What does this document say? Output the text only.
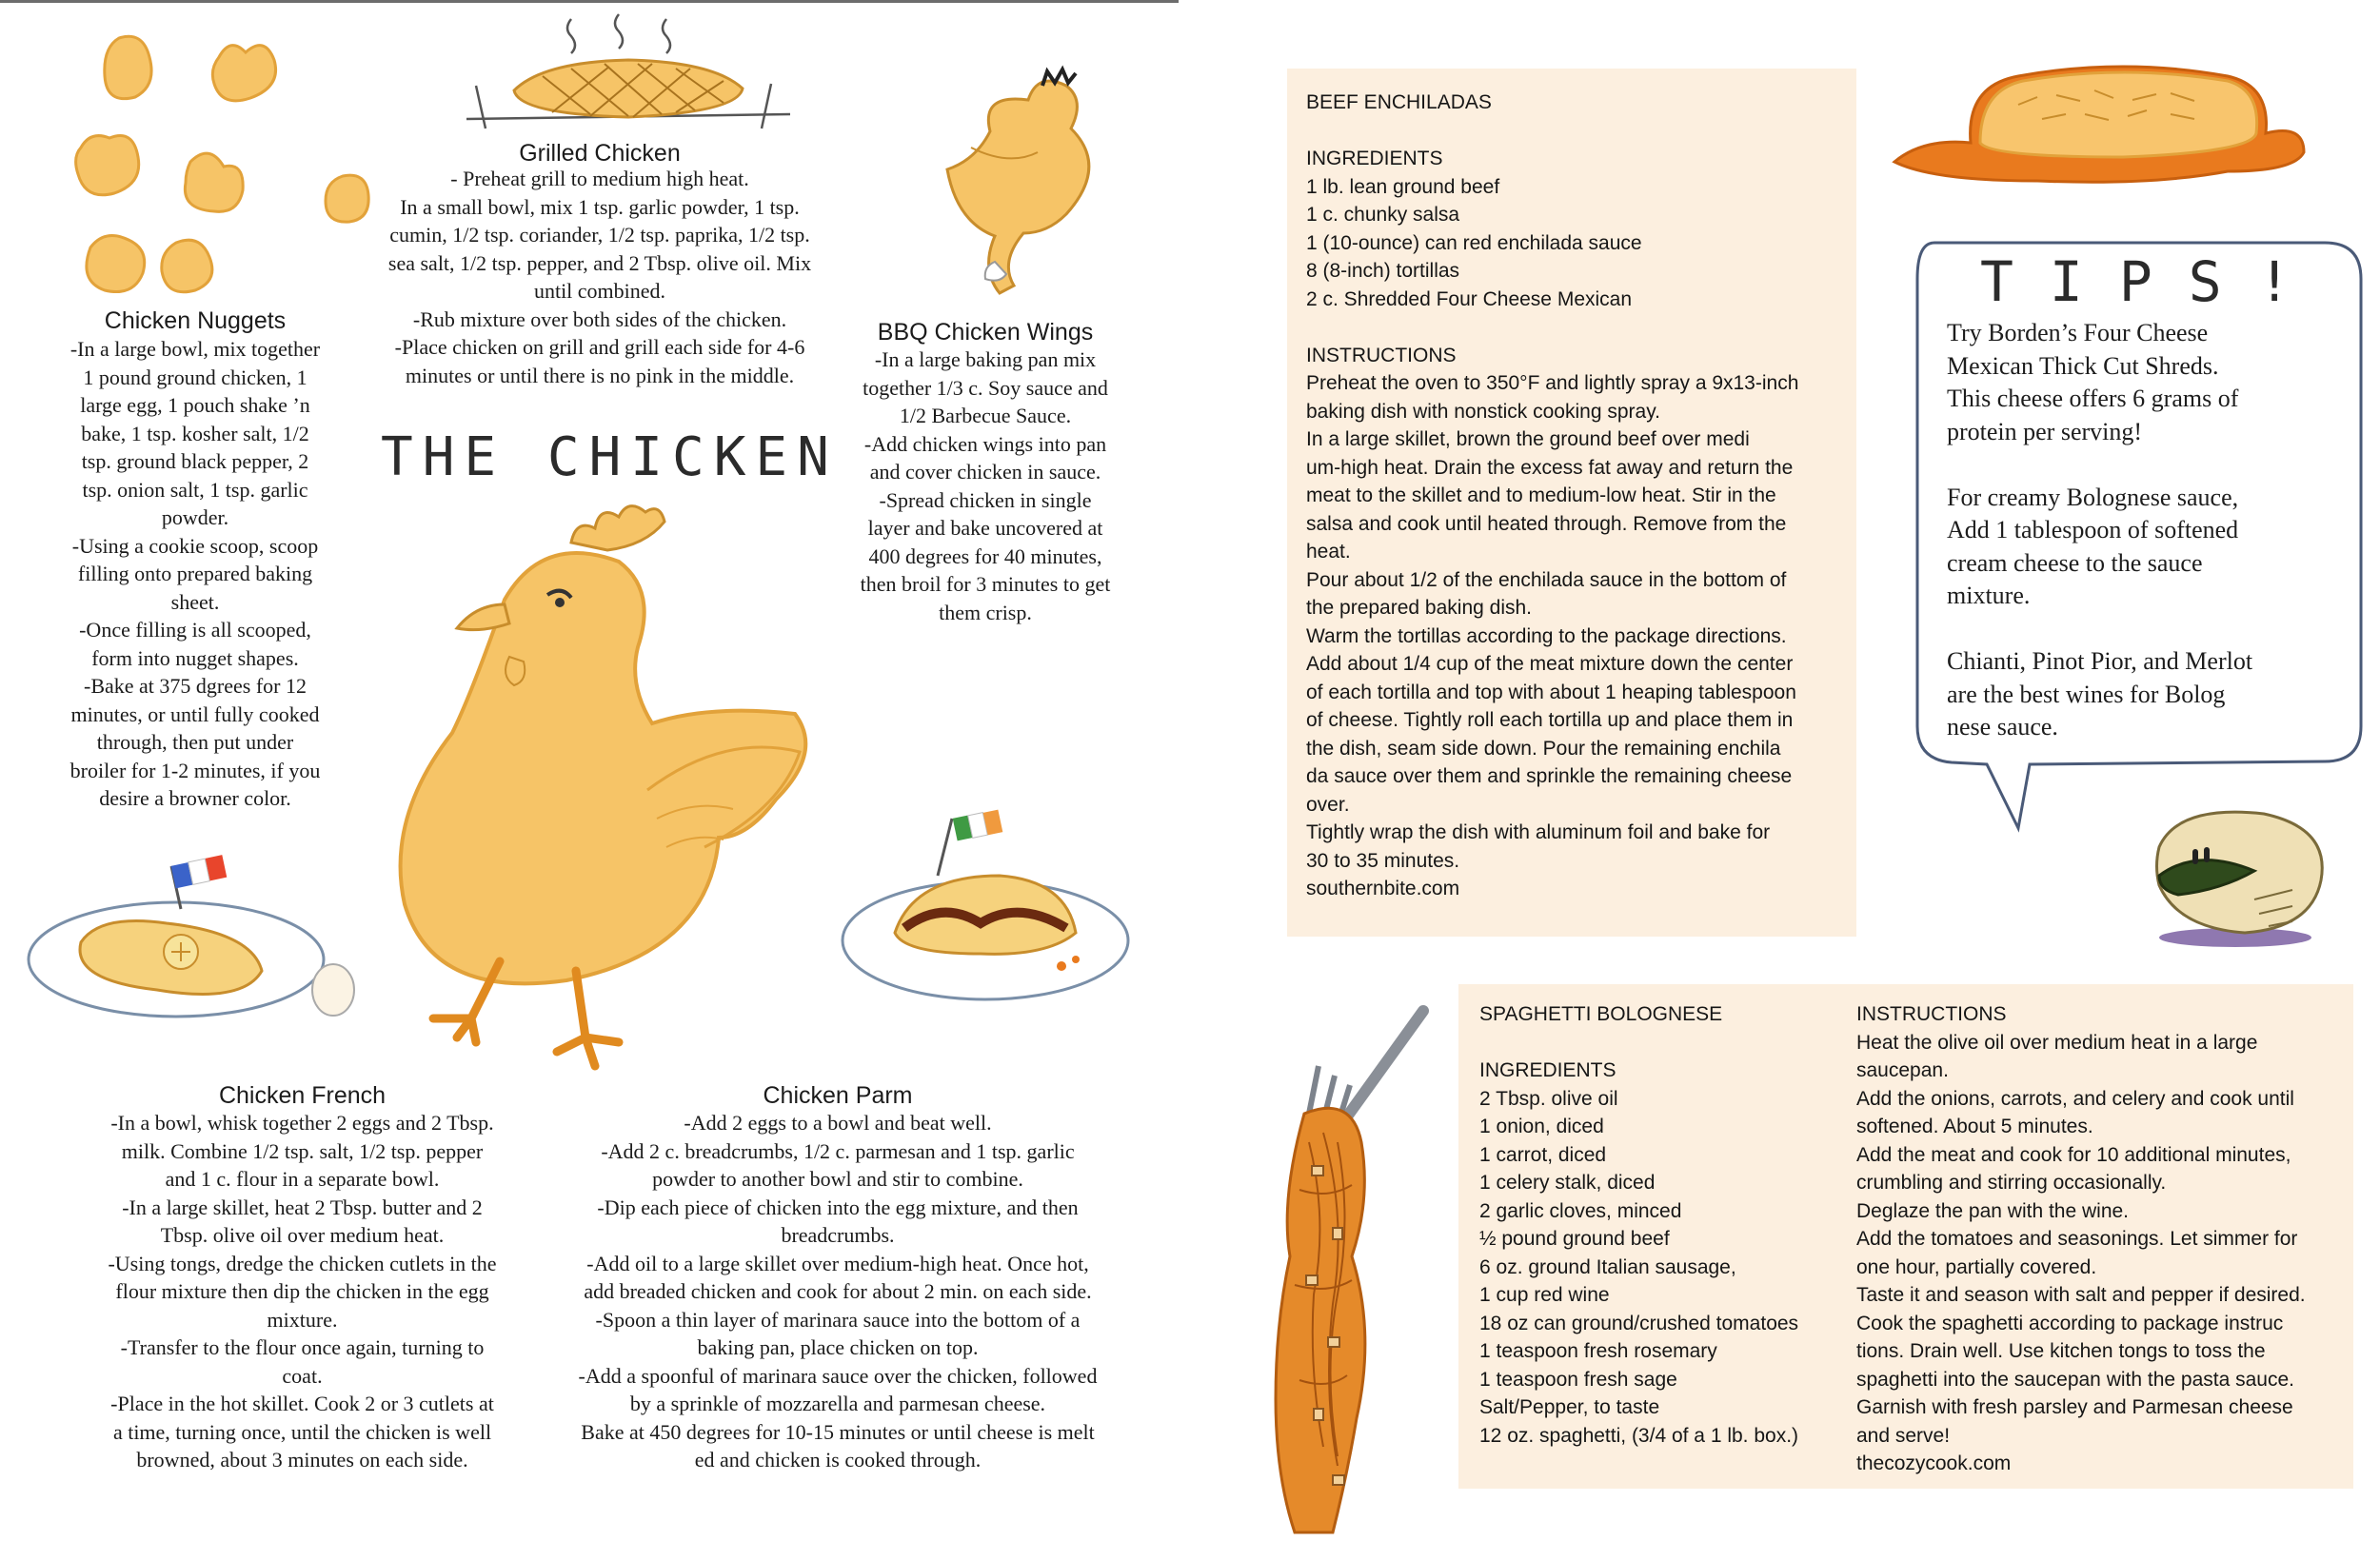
THE CHICKEN
Chicken Nuggets
-In a large bowl, mix together
1 pound ground chicken, 1
large egg, 1 pouch shake ’n
bake, 1 tsp. kosher salt, 1/2
tsp. ground black pepper, 2
tsp. onion salt, 1 tsp. garlic
powder.
-Using a cookie scoop, scoop
filling onto prepared baking
sheet.
-Once filling is all scooped,
form into nugget shapes.
-Bake at 375 dgrees for 12
minutes, or until fully cooked
through, then put under
broiler for 1-2 minutes, if you
desire a browner color.
Grilled Chicken
- Preheat grill to medium high heat.
In a small bowl, mix 1 tsp. garlic powder, 1 tsp.
cumin, 1/2 tsp. coriander, 1/2 tsp. paprika, 1/2 tsp.
sea salt, 1/2 tsp. pepper, and 2 Tbsp. olive oil. Mix
until combined.
-Rub mixture over both sides of the chicken.
-Place chicken on grill and grill each side for 4-6
minutes or until there is no pink in the middle.
BBQ Chicken Wings
-In a large baking pan mix
together 1/3 c. Soy sauce and
1/2 Barbecue Sauce.
-Add chicken wings into pan
and cover chicken in sauce.
-Spread chicken in single
layer and bake uncovered at
400 degrees for 40 minutes,
then broil for 3 minutes to get
them crisp.
Chicken French
-In a bowl, whisk together 2 eggs and 2 Tbsp.
milk. Combine 1/2 tsp. salt, 1/2 tsp. pepper
and 1 c. flour in a separate bowl.
-In a large skillet, heat 2 Tbsp. butter and 2
Tbsp. olive oil over medium heat.
-Using tongs, dredge the chicken cutlets in the
flour mixture then dip the chicken in the egg
mixture.
-Transfer to the flour once again, turning to
coat.
-Place in the hot skillet. Cook 2 or 3 cutlets at
a time, turning once, until the chicken is well
browned, about 3 minutes on each side.
Chicken Parm
-Add 2 eggs to a bowl and beat well.
-Add 2 c. breadcrumbs, 1/2 c. parmesan and 1 tsp. garlic
powder to another bowl and stir to combine.
-Dip each piece of chicken into the egg mixture, and then
breadcrumbs.
-Add oil to a large skillet over medium-high heat. Once hot,
add breaded chicken and cook for about 2 min. on each side.
-Spoon a thin layer of marinara sauce into the bottom of a
baking pan, place chicken on top.
-Add a spoonful of marinara sauce over the chicken, followed
by a sprinkle of mozzarella and parmesan cheese.
Bake at 450 degrees for 10-15 minutes or until cheese is melt
ed and chicken is cooked through.
BEEF ENCHILADAS

INGREDIENTS
1 lb. lean ground beef
1 c. chunky salsa
1 (10-ounce) can red enchilada sauce
8 (8-inch) tortillas
2 c. Shredded Four Cheese Mexican

INSTRUCTIONS
Preheat the oven to 350°F and lightly spray a 9x13-inch
baking dish with nonstick cooking spray.
In a large skillet, brown the ground beef over medi
um-high heat. Drain the excess fat away and return the
meat to the skillet and to medium-low heat. Stir in the
salsa and cook until heated through. Remove from the
heat.
Pour about 1/2 of the enchilada sauce in the bottom of
the prepared baking dish.
Warm the tortillas according to the package directions.
Add about 1/4 cup of the meat mixture down the center
of each tortilla and top with about 1 heaping tablespoon
of cheese. Tightly roll each tortilla up and place them in
the dish, seam side down. Pour the remaining enchila
da sauce over them and sprinkle the remaining cheese
over.
Tightly wrap the dish with aluminum foil and bake for
30 to 35 minutes.
southernbite.com
TIPS!
Try Borden’s Four Cheese
Mexican Thick Cut Shreds.
This cheese offers 6 grams of
protein per serving!

For creamy Bolognese sauce,
Add 1 tablespoon of softened
cream cheese to the sauce
mixture.

Chianti, Pinot Pior, and Merlot
are the best wines for Bolog
nese sauce.
SPAGHETTI BOLOGNESE

INGREDIENTS
2 Tbsp. olive oil
1 onion, diced
1 carrot, diced
1 celery stalk, diced
2 garlic cloves, minced
½ pound ground beef
6 oz. ground Italian sausage,
1 cup red wine
18 oz can ground/crushed tomatoes
1 teaspoon fresh rosemary
1 teaspoon fresh sage
Salt/Pepper, to taste
12 oz. spaghetti, (3/4 of a 1 lb. box.)
INSTRUCTIONS
Heat the olive oil over medium heat in a large
saucepan.
Add the onions, carrots, and celery and cook until
softened. About 5 minutes.
Add the meat and cook for 10 additional minutes,
crumbling and stirring occasionally.
Deglaze the pan with the wine.
Add the tomatoes and seasonings. Let simmer for
one hour, partially covered.
Taste it and season with salt and pepper if desired.
Cook the spaghetti according to package instruc
tions. Drain well. Use kitchen tongs to toss the
spaghetti into the saucepan with the pasta sauce.
Garnish with fresh parsley and Parmesan cheese
and serve!
thecozycook.com
